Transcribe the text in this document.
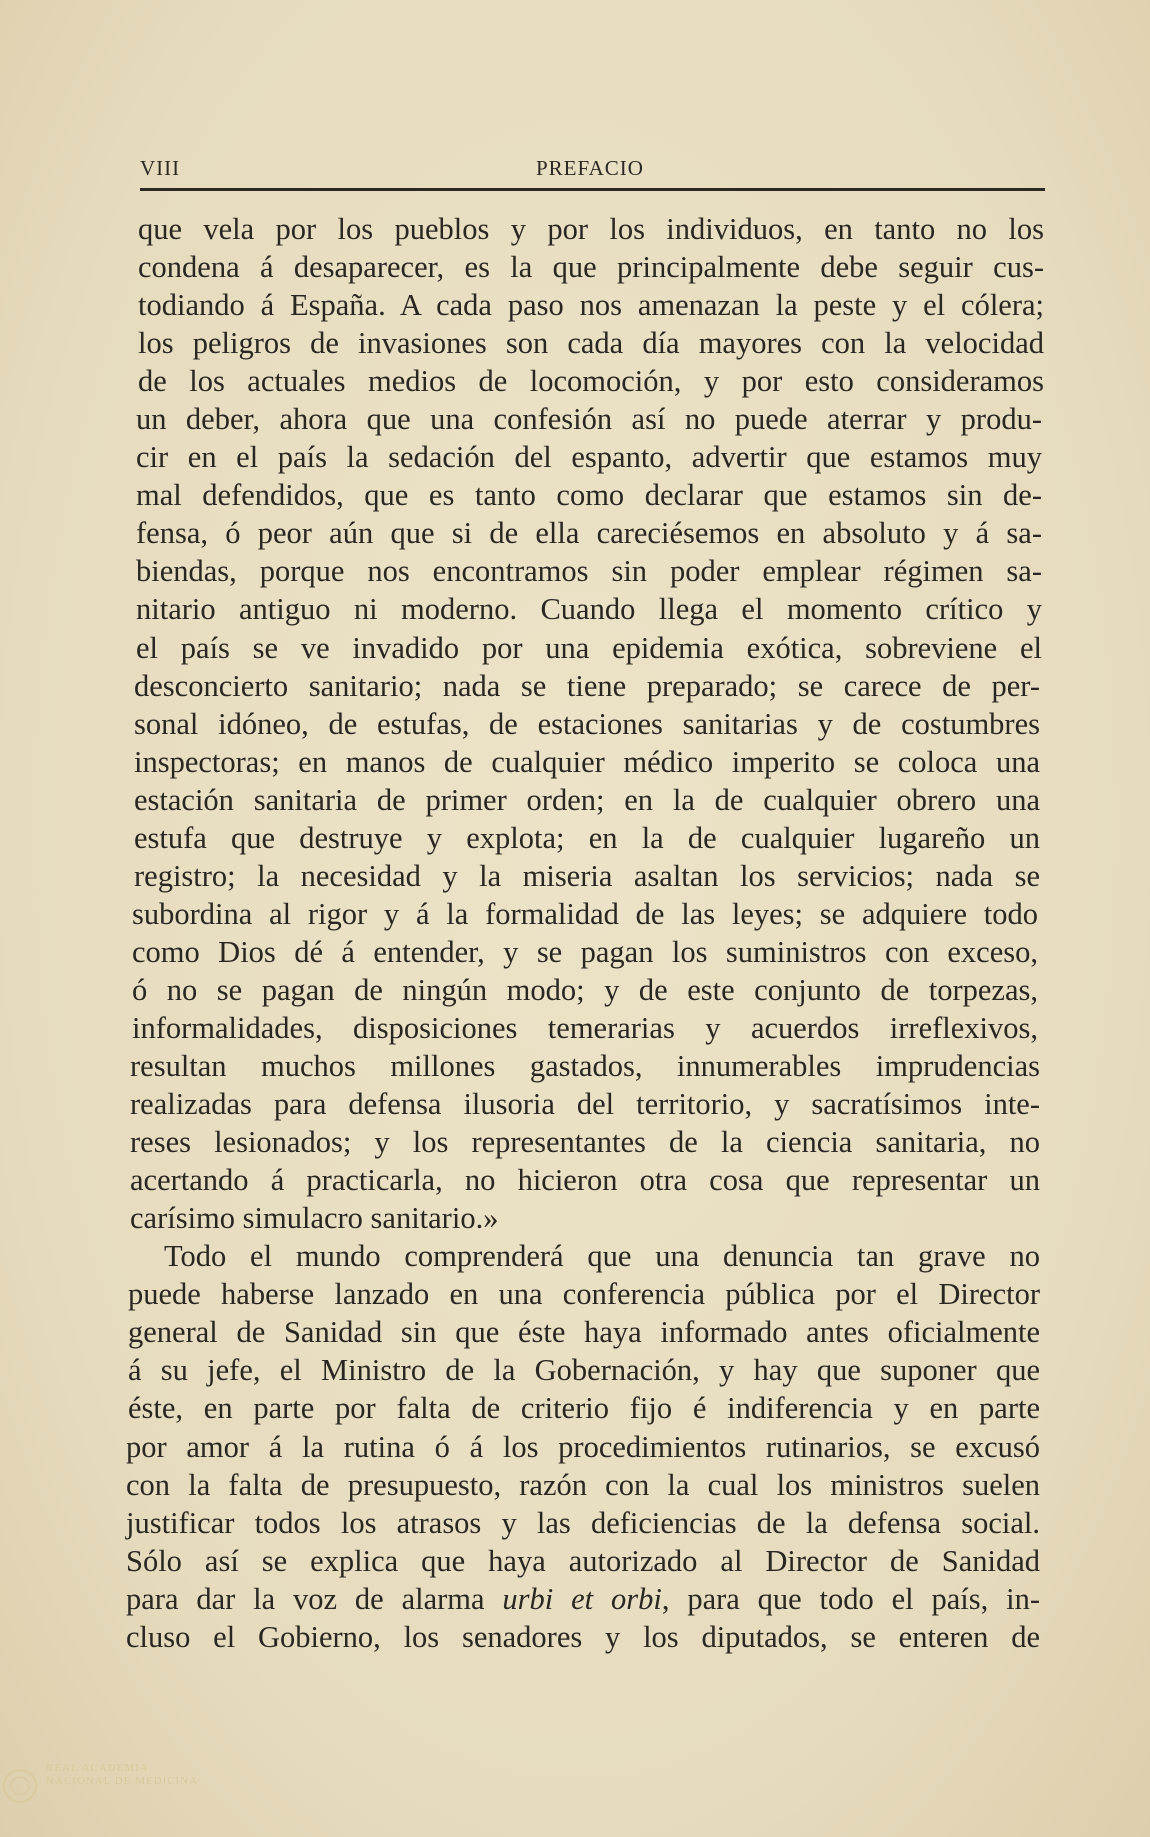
VIII	PREFACIO
que vela por los pueblos y por los individuos, en tanto no los
condena á desaparecer, es la que principalmente debe seguir cus-
todiando á España. A cada paso nos amenazan la peste y el cólera;
los peligros de invasiones son cada día mayores con la velocidad
de los actuales medios de locomoción, y por esto consideramos
un deber, ahora que una confesión así no puede aterrar y produ-
cir en el país la sedación del espanto, advertir que estamos muy
mal defendidos, que es tanto como declarar que estamos sin de-
fensa, ó peor aún que si de ella careciésemos en absoluto y á sa-
biendas, porque nos encontramos sin poder emplear régimen sa-
nitario antiguo ni moderno. Cuando llega el momento crítico y
el país se ve invadido por una epidemia exótica, sobreviene el
desconcierto sanitario; nada se tiene preparado; se carece de per-
sonal idóneo, de estufas, de estaciones sanitarias y de costumbres
inspectoras; en manos de cualquier médico imperito se coloca una
estación sanitaria de primer orden; en la de cualquier obrero una
estufa que destruye y explota; en la de cualquier lugareño un
registro; la necesidad y la miseria asaltan los servicios; nada se
subordina al rigor y á la formalidad de las leyes; se adquiere todo
como Dios dé á entender, y se pagan los suministros con exceso,
ó no se pagan de ningún modo; y de este conjunto de torpezas,
informalidades, disposiciones temerarias y acuerdos irreflexivos,
resultan muchos millones gastados, innumerables imprudencias
realizadas para defensa ilusoria del territorio, y sacratísimos inte-
reses lesionados; y los representantes de la ciencia sanitaria, no
acertando á practicarla, no hicieron otra cosa que representar un
carísimo simulacro sanitario.»
Todo el mundo comprenderá que una denuncia tan grave no
puede haberse lanzado en una conferencia pública por el Director
general de Sanidad sin que éste haya informado antes oficialmente
á su jefe, el Ministro de la Gobernación, y hay que suponer que
éste, en parte por falta de criterio fijo é indiferencia y en parte
por amor á la rutina ó á los procedimientos rutinarios, se excusó
con la falta de presupuesto, razón con la cual los ministros suelen
justificar todos los atrasos y las deficiencias de la defensa social.
Sólo así se explica que haya autorizado al Director de Sanidad
para dar la voz de alarma urbi et orbi, para que todo el país, in-
cluso el Gobierno, los senadores y los diputados, se enteren de
REAL ACADEMIA
NACIONAL DE MEDICINA
